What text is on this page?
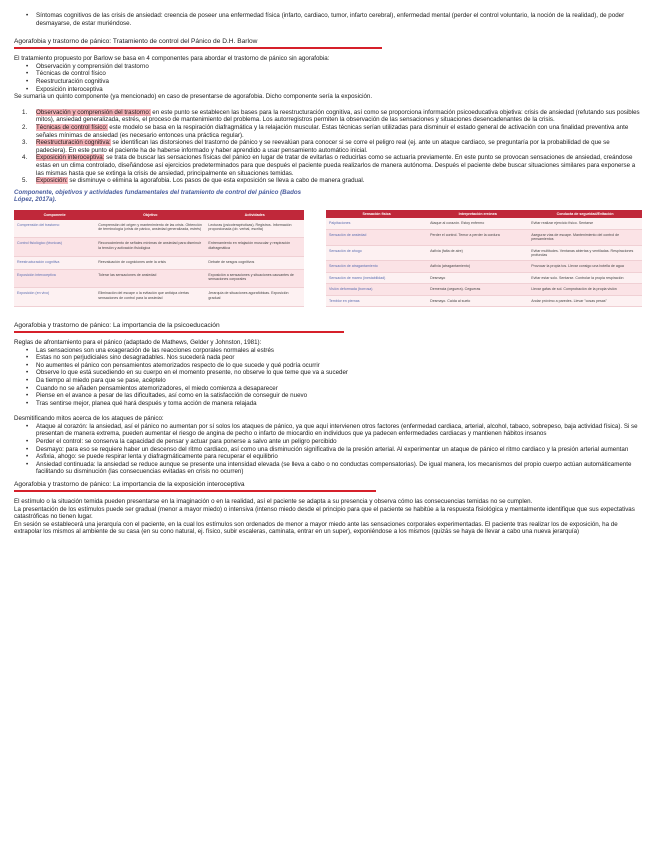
• Síntomas cognitivos de las crisis de ansiedad: creencia de poseer una enfermedad física (infarto, cardiaco, tumor, infarto cerebral), enfermedad mental (perder el control voluntario, la noción de la realidad), de poder desmayarse, de estar muriéndose.

Agorafobia y trastorno de pánico: Tratamiento de control del Pánico de D.H. Barlow

El tratamiento propuesto por Barlow se basa en 4 componentes para abordar el trastorno de pánico sin agorafobia:

• Observación y comprensión del trastorno
• Técnicas de control físico
• Reestructuración cognitiva
• Exposición interoceptiva

Se sumaría un quinto componente (ya mencionado) en caso de presentarse de agorafobia. Dicho componente sería la exposición.

1. Observación y comprensión del trastorno: en este punto se establecen las bases para la reestructuración cognitiva, así como se proporciona información psicoeducativa objetiva: crisis de ansiedad (refutando sus posibles mitos), ansiedad generalizada, estrés, el proceso de mantenimiento del problema. Los autorregistros permiten la observación de las sensaciones y situaciones desencadenantes de la crisis.
2. Técnicas de control físico: este modelo se basa en la respiración diafragmática y la relajación muscular. Estas técnicas serían utilizadas para disminuir el estado general de activación con una finalidad preventiva ante señales mínimas de ansiedad (es necesario entonces una práctica regular).
3. Reestructuración cognitiva: se identifican las distorsiones del trastorno de pánico y se reevalúan para conocer si se corre el peligro real (ej. ante un ataque cardiaco, se preguntaría por la probabilidad de que se padeciera). En este punto el paciente ha de haberse informado y haber aprendido a usar pensamiento automático inicial.
4. Exposición interoceptiva: se trata de buscar las sensaciones físicas del pánico en lugar de tratar de evitarlas o reducirlas como se actuaría previamente. En este punto se provocan sensaciones de ansiedad, creándose estas en un clima controlado, diseñándose así ejercicios predeterminados para que después el paciente pueda realizarlos de manera autónoma. Después el paciente debe buscar situaciones similares para exponerse a las mismas hasta que se extinga la crisis de ansiedad, principalmente en situaciones temidas.
5. Exposición: se disminuye o elimina la agorafobia. Los pasos de que esta exposición se lleva a cabo de manera gradual.

Componente, objetivos y actividades fundamentales del tratamiento de control del pánico (Bados López, 2017a).

Componente	Objetivo	Actividades
Comprensión del trastorno	Comprensión del origen y mantenimiento de las crisis. Obtención de terminología (crisis de pánico, ansiedad generalizada, estrés)	Lecturas (psicoterapéuticas). Registros. Información proporcionada (ob. verbal, escrita)
Control fisiológico (técnicas)	Reconocimiento de señales mínimas de ansiedad para disminuir la tensión y activación fisiológica	Entrenamiento en relajación muscular y respiración diafragmática
Reestructuración cognitiva	Reevaluación de cogniciones ante la crisis	Debate de sesgos cognitivos
Exposición interoceptiva	Tolerar las sensaciones de ansiedad	Exposición a sensaciones y situaciones causantes de sensaciones corporales
Exposición (en vivo)	Eliminación del escape o la evitación que anticipa ciertas sensaciones de control para la ansiedad	Jerarquía de situaciones agorafóbicas. Exposición gradual
Sensación física	Interpretación errónea	Conducta de seguridad/Evitación
Palpitaciones	Ataque al corazón. Estoy enfermo	Evitar realizar ejercicio físico. Sentarse
Sensación de ansiedad	Perder el control. Temor a perder la cordura	Asegurar vías de escape. Mantenimiento del control de pensamientos
Sensación de ahogo	Asfixia (falta de aire)	Evitar multitudes. Ventanas abiertas y ventiladas. Respiraciones profundas
Sensación de atragantamiento	Asfixia (atragantamiento)	Provocar la propia tos. Llevar consigo una botella de agua
Sensación de mareo (inestabilidad)	Desmayo	Evitar estar solo. Sentarse. Controlar la propia respiración
Visión deformada (borrosa)	Demencia (ceguera). Cegueras	Llevar gafas de sol. Comprobación de la propia visión
Temblor en piernas	Desmayo. Caída al suelo	Andar próximo a paredes. Llevar "cosas pesas"

Agorafobia y trastorno de pánico: La importancia de la psicoeducación

Reglas de afrontamiento para el pánico (adaptado de Mathews, Gelder y Johnston, 1981):

• Las sensaciones son una exageración de las reacciones corporales normales al estrés
• Estas no son perjudiciales sino desagradables. Nos sucederá nada peor
• No aumentes el pánico con pensamientos atemorizados respecto de lo que sucede y qué podría ocurrir
• Observe lo que está sucediendo en su cuerpo en el momento presente, no observe lo que teme que va a suceder
• Da tiempo al miedo para que se pase, acéptelo
• Cuando no se añaden pensamientos atemorizadores, el miedo comienza a desaparecer
• Piense en el avance a pesar de las dificultades, así como en la satisfacción de conseguir de nuevo
• Tras sentirse mejor, planea qué hará después y toma acción de manera relajada

Desmitificando mitos acerca de los ataques de pánico:

• Ataque al corazón: la ansiedad, así el pánico no aumentan por sí solos los ataques de pánico, ya que aquí intervienen otros factores (enfermedad cardiaca, arterial, alcohol, tabaco, sobrepeso, baja actividad física). Si se presentan de manera extrema, pueden aumentar el riesgo de angina de pecho o infarto de miocardio en individuos que ya padecen enfermedades cardiacas y mantienen hábitos insanos
• Perder el control: se conserva la capacidad de pensar y actuar para ponerse a salvo ante un peligro percibido
• Desmayo: para eso se requiere haber un descenso del ritmo cardiaco, así como una disminución significativa de la presión arterial. Al experimentar un ataque de pánico el ritmo cardiaco y la presión arterial aumentan
• Asfixia, ahogo: se puede respirar lenta y diafragmáticamente para recuperar el equilibrio
• Ansiedad continuada: la ansiedad se reduce aunque se presente una intensidad elevada (se lleva a cabo o no conductas compensatorias). De igual manera, los mecanismos del propio cuerpo actúan automáticamente facilitando su disminución (las consecuencias evitadas en crisis no ocurren)

Agorafobia y trastorno de pánico: La importancia de la exposición interoceptiva

El estímulo o la situación temida pueden presentarse en la imaginación o en la realidad, así el paciente se adapta a su presencia y observa cómo las consecuencias temidas no se cumplen.

La presentación de los estímulos puede ser gradual (menor a mayor miedo) o intensiva (intenso miedo desde el principio para que el paciente se habitúe a la respuesta fisiológica y mentalmente identifique que sus expectativas catastróficas no tienen lugar.

En sesión se establecerá una jerarquía con el paciente, en la cual los estímulos son ordenados de menor a mayor miedo ante las sensaciones corporales experimentadas. El paciente tras realizar los de exposición, ha de extrapolar los mismos al ambiente de su casa (en su cono natural, ej. físico, subir escaleras, caminata, entrar en un super), exponiéndose a los mismos (quizás se haya de llevar a cabo una nueva jerarquía)
